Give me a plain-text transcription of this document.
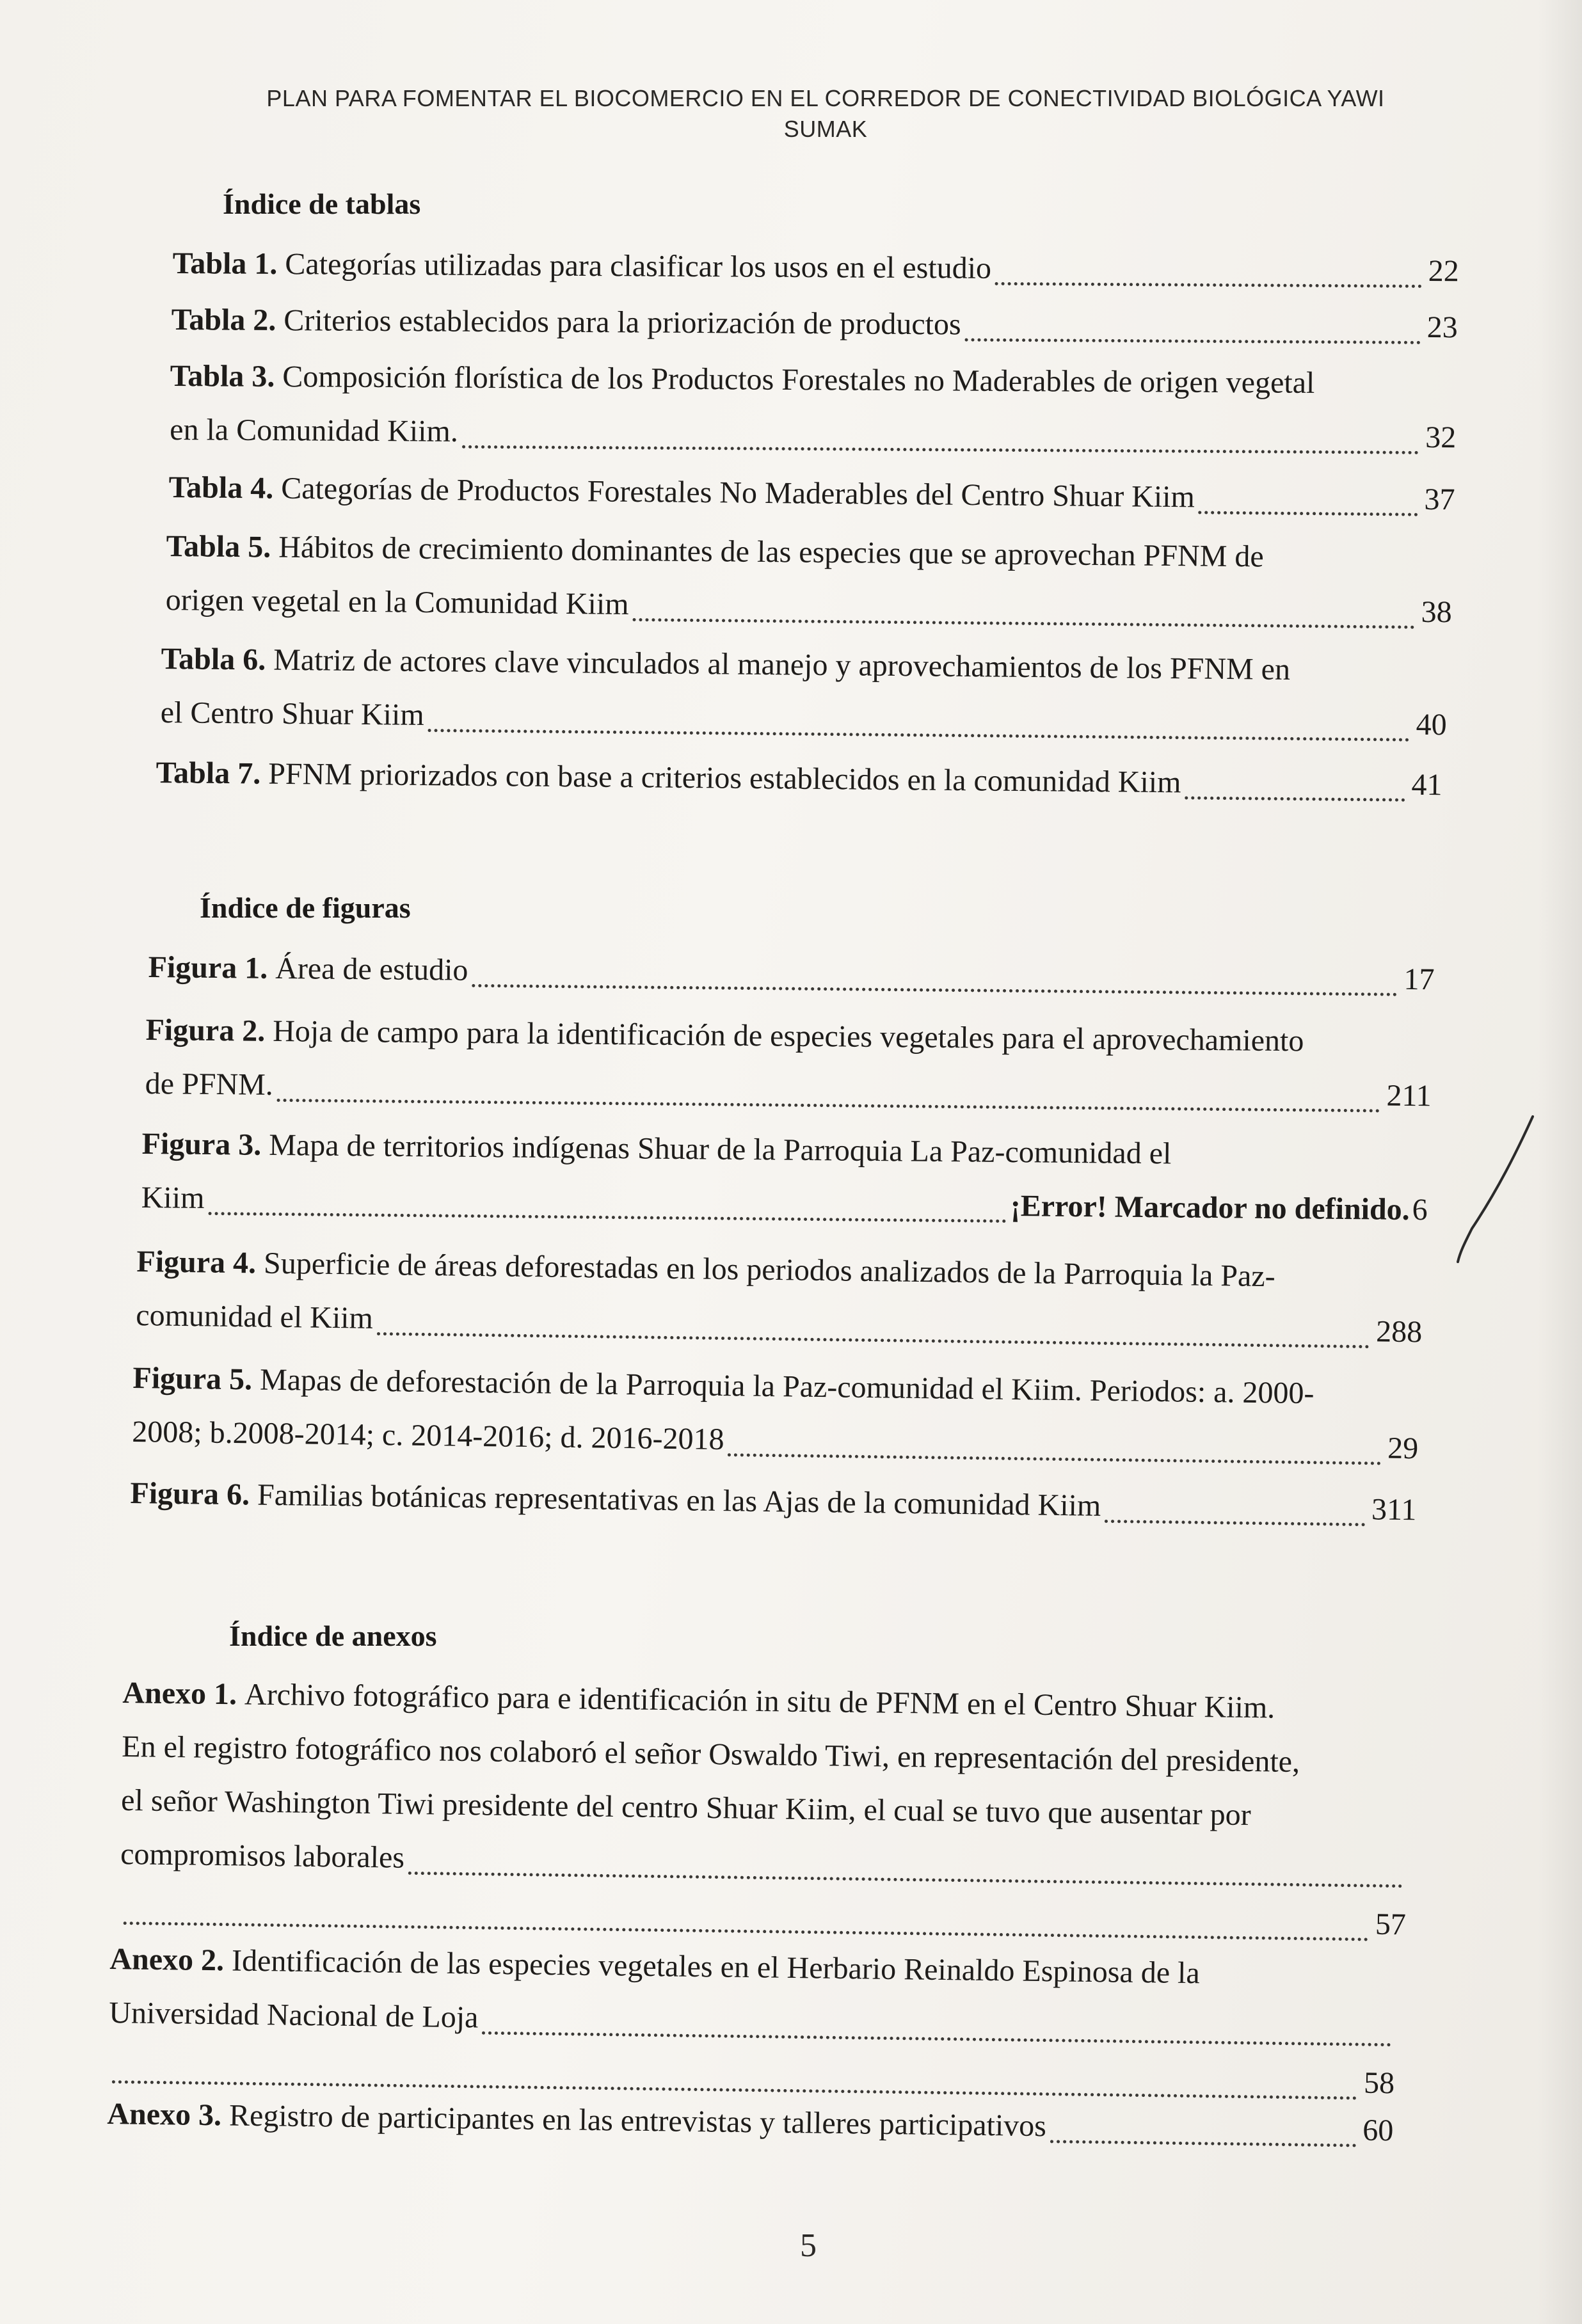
PLAN PARA FOMENTAR EL BIOCOMERCIO EN EL CORREDOR DE CONECTIVIDAD BIOLÓGICA YAWI
SUMAK
Índice de tablas
Tabla 1.
Categorías utilizadas para clasificar los usos en el estudio	22
Tabla 2.
Criterios establecidos para la priorización de productos	23
Tabla 3.
Composición florística de los Productos Forestales no Maderables de origen vegetal
en la Comunidad Kiim.	32
Tabla 4.
Categorías de Productos Forestales No Maderables del Centro Shuar Kiim	37
Tabla 5.
Hábitos de crecimiento dominantes de las especies que se aprovechan PFNM de
origen vegetal en la Comunidad Kiim	38
Tabla 6.
Matriz de actores clave vinculados al manejo y aprovechamientos de los PFNM en
el Centro Shuar Kiim	40
Tabla 7.
PFNM priorizados con base a criterios establecidos en la comunidad Kiim	41
Índice de figuras
Figura 1.
Área de estudio	17
Figura 2.
Hoja de campo para la identificación de especies vegetales para el aprovechamiento
de PFNM.	211
Figura 3.
Mapa de territorios indígenas Shuar de la Parroquia La Paz-comunidad el
Kiim	¡Error! Marcador no definido. 6
Figura 4.
Superficie de áreas deforestadas en los periodos analizados de la Parroquia la Paz-
comunidad el Kiim	288
Figura 5.
Mapas de deforestación de la Parroquia la Paz-comunidad el Kiim. Periodos: a. 2000-
2008; b.2008-2014; c. 2014-2016; d. 2016-2018	29
Figura 6.
Familias botánicas representativas en las Ajas de la comunidad Kiim	311
Índice de anexos
Anexo 1.
Archivo fotográfico para e identificación in situ de PFNM en el Centro Shuar Kiim.
En el registro fotográfico nos colaboró el señor Oswaldo Tiwi, en representación del presidente,
el señor Washington Tiwi presidente del centro Shuar Kiim, el cual se tuvo que ausentar por
compromisos laborales
57
Anexo 2.
Identificación de las especies vegetales en el Herbario Reinaldo Espinosa de la
Universidad Nacional de Loja
58
Anexo 3.
Registro de participantes en las entrevistas y talleres participativos	60
5
